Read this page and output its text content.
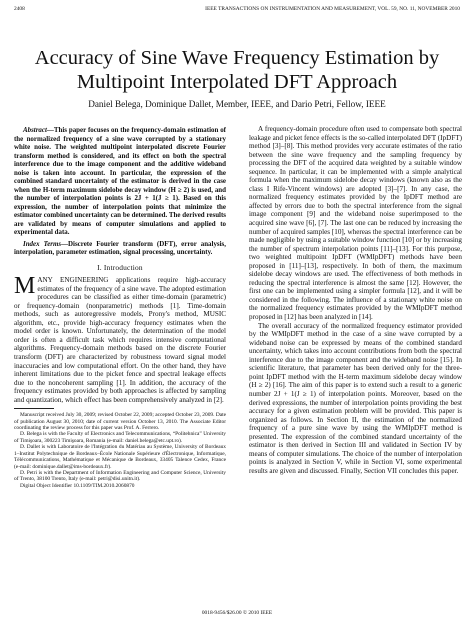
2408	IEEE TRANSACTIONS ON INSTRUMENTATION AND MEASUREMENT, VOL. 59, NO. 11, NOVEMBER 2010
Accuracy of Sine Wave Frequency Estimation by Multipoint Interpolated DFT Approach
Daniel Belega, Dominique Dallet, Member, IEEE, and Dario Petri, Fellow, IEEE

Abstract—This paper focuses on the frequency-domain estimation of the normalized frequency of a sine wave corrupted by a stationary white noise. The weighted multipoint interpolated discrete Fourier transform method is considered, and its effect on both the spectral interference due to the image component and the additive wideband noise is taken into account. In particular, the expression of the combined standard uncertainty of the estimator is derived in the case when the H-term maximum sidelobe decay window (H ≥ 2) is used, and the number of interpolation points is 2J + 1(J ≥ 1). Based on this expression, the number of interpolation points that minimize the estimator combined uncertainty can be determined. The derived results are validated by means of computer simulations and applied to experimental data.

Index Terms—Discrete Fourier transform (DFT), error analysis, interpolation, parameter estimation, signal processing, uncertainty.

I. Introduction
M ANY ENGINEERING applications require high-accuracy estimates of the frequency of a sine wave. The adopted estimation procedures can be classified as either time-domain (parametric) or frequency-domain (nonparametric) methods [1]. Time-domain methods, such as autoregressive models, Prony's method, MUSIC algorithm, etc., provide high-accuracy frequency estimates when the model order is known. Unfortunately, the determination of the model order is often a difficult task which requires intensive computational algorithms. Frequency-domain methods based on the discrete Fourier transform (DFT) are characterized by robustness toward signal model inaccuracies and low computational effort. On the other hand, they have inherent limitations due to the picket fence and spectral leakage effects due to the noncoherent sampling [1]. In addition, the accuracy of the frequency estimates provided by both approaches is affected by sampling and quantization, which effect has been comprehensively analyzed in [2].

Manuscript received July 30, 2009; revised October 22, 2009; accepted October 23, 2009. Date of publication August 30, 2010; date of current version October 13, 2010. The Associate Editor coordinating the review process for this paper was Prof. A. Ferrero.

D. Belega is with the Faculty of Electronics and Telecommunications, “Politehnica” University of Timişoara, 300223 Timişoara, Romania (e-mail: daniel.belega@etc.upt.ro).

D. Dallet is with Laboratoire de l'Intégration du Matériau au Système, University of Bordeaux 1–Institut Polytechnique de Bordeaux–École Nationale Supérieure d'Électronique, Informatique, Télécommunications, Mathématique et Mécanique de Bordeaux, 33405 Talence Cedex, France (e-mail: dominique.dallet@ims-bordeaux.fr).

D. Petri is with the Department of Information Engineering and Computer Science, University of Trento, 38100 Trento, Italy (e-mail: petri@disi.unitn.it).

Digital Object Identifier 10.1109/TIM.2010.2060870

A frequency-domain procedure often used to compensate both spectral leakage and picket fence effects is the so-called interpolated DFT (IpDFT) method [3]–[8]. This method provides very accurate estimates of the ratio between the sine wave frequency and the sampling frequency by processing the DFT of the acquired data weighted by a suitable window sequence. In particular, it can be implemented with a simple analytical formula when the maximum sidelobe decay windows (known also as the class I Rife-Vincent windows) are adopted [3]–[7]. In any case, the normalized frequency estimates provided by the IpDFT method are affected by errors due to both the spectral interference from the signal image component [9] and the wideband noise superimposed to the acquired sine wave [6], [7]. The last one can be reduced by increasing the number of acquired samples [10], whereas the spectral interference can be made negligible by using a suitable window function [10] or by increasing the number of spectrum interpolation points [11]–[13]. For this purpose, two weighted multipoint IpDFT (WMIpDFT) methods have been proposed in [11]–[13], respectively. In both of them, the maximum sidelobe decay windows are used. The effectiveness of both methods in reducing the spectral interference is almost the same [12]. However, the first one can be implemented using a simpler formula [12], and it will be considered in the following. The influence of a stationary white noise on the normalized frequency estimates provided by the WMIpDFT method proposed in [12] has been analyzed in [14].

The overall accuracy of the normalized frequency estimator provided by the WMIpDFT method in the case of a sine wave corrupted by a wideband noise can be expressed by means of the combined standard uncertainty, which takes into account contributions from both the spectral interference due to the image component and the wideband noise [15]. In scientific literature, that parameter has been derived only for the three-point IpDFT method with the H-term maximum sidelobe decay window (H ≥ 2) [16]. The aim of this paper is to extend such a result to a generic number 2J + 1(J ≥ 1) of interpolation points. Moreover, based on the derived expressions, the number of interpolation points providing the best accuracy for a given estimation problem will be provided. This paper is organized as follows. In Section II, the estimation of the normalized frequency of a pure sine wave by using the WMIpDFT method is presented. The expression of the combined standard uncertainty of the estimator is then derived in Section III and validated in Section IV by means of computer simulations. The choice of the number of interpolation points is analyzed in Section V, while in Section VI, some experimental results are given and discussed. Finally, Section VII concludes this paper.

0018-9456/$26.00 © 2010 IEEE
